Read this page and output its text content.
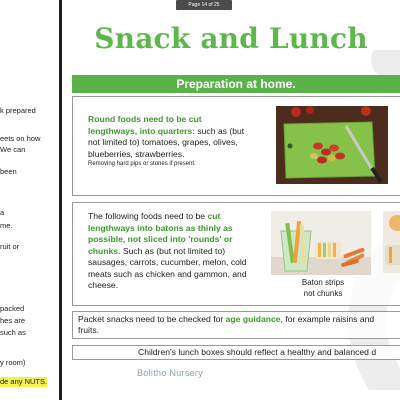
Page 14 of 25
k prepared
eets on how
We can
been
a
me.
ruit or
packed
hes are
such as
y room)
de any NUTS.
Snack and Lunch
Preparation at home.
Round foods need to be cut lengthways, into quarters: such as (but not limited to) tomatoes, grapes, olives, blueberries, strawberries.
Removing hard pips or stones if present.
The following foods need to be cut lengthways into batons as thinly as possible, not sliced into 'rounds' or chunks. Such as (but not limited to) sausages, carrots, cucumber, melon, cold meats such as chicken and gammon, and cheese.	Baton strips
not chunks
Packet snacks need to be checked for age guidance, for example raisins and
fruits.
Children's lunch boxes should reflect a healthy and balanced d
Bolitho Nursery
